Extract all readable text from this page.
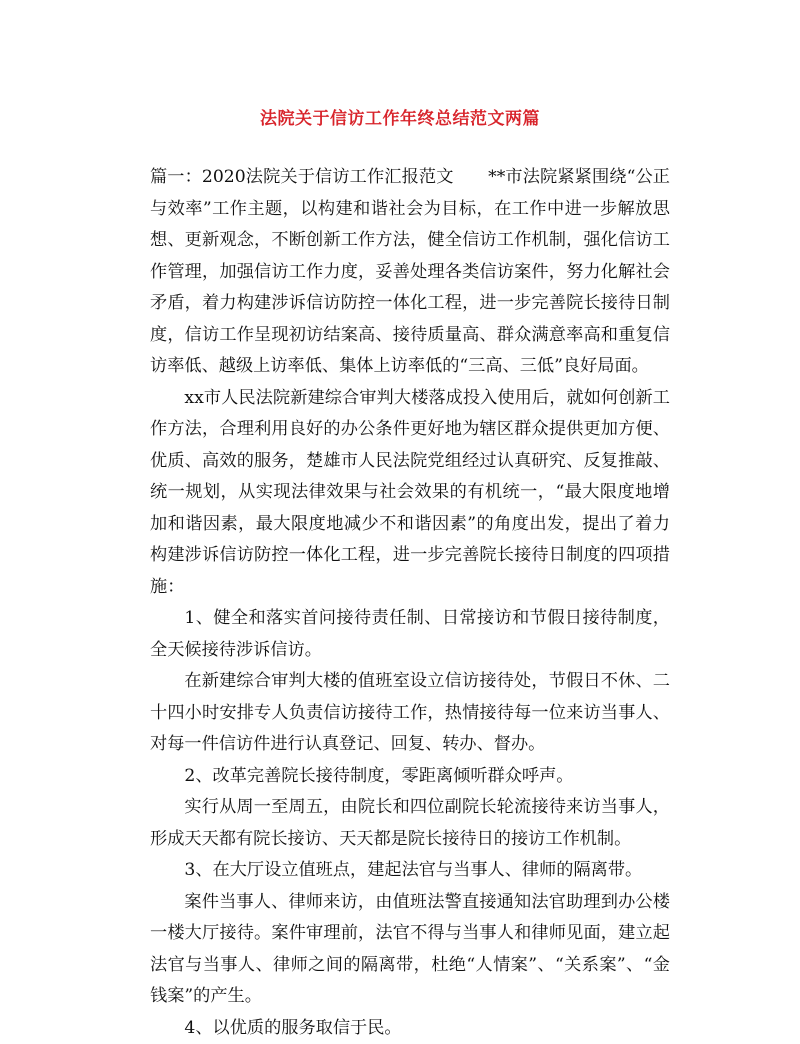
法院关于信访工作年终总结范文两篇

篇一：2020法院关于信访工作汇报范文　　**市法院紧紧围绕“公正与效率”工作主题，以构建和谐社会为目标，在工作中进一步解放思想、更新观念，不断创新工作方法，健全信访工作机制，强化信访工作管理，加强信访工作力度，妥善处理各类信访案件，努力化解社会矛盾，着力构建涉诉信访防控一体化工程，进一步完善院长接待日制度，信访工作呈现初访结案高、接待质量高、群众满意率高和重复信访率低、越级上访率低、集体上访率低的“三高、三低”良好局面。

xx市人民法院新建综合审判大楼落成投入使用后，就如何创新工作方法，合理利用良好的办公条件更好地为辖区群众提供更加方便、优质、高效的服务，楚雄市人民法院党组经过认真研究、反复推敲、统一规划，从实现法律效果与社会效果的有机统一，“最大限度地增加和谐因素，最大限度地减少不和谐因素”的角度出发，提出了着力构建涉诉信访防控一体化工程，进一步完善院长接待日制度的四项措施：

1、健全和落实首问接待责任制、日常接访和节假日接待制度，全天候接待涉诉信访。

在新建综合审判大楼的值班室设立信访接待处，节假日不休、二十四小时安排专人负责信访接待工作，热情接待每一位来访当事人、对每一件信访件进行认真登记、回复、转办、督办。

2、改革完善院长接待制度，零距离倾听群众呼声。

实行从周一至周五，由院长和四位副院长轮流接待来访当事人，形成天天都有院长接访、天天都是院长接待日的接访工作机制。

3、在大厅设立值班点，建起法官与当事人、律师的隔离带。

案件当事人、律师来访，由值班法警直接通知法官助理到办公楼一楼大厅接待。案件审理前，法官不得与当事人和律师见面，建立起法官与当事人、律师之间的隔离带，杜绝“人情案”、“关系案”、“金钱案”的产生。

4、以优质的服务取信于民。
